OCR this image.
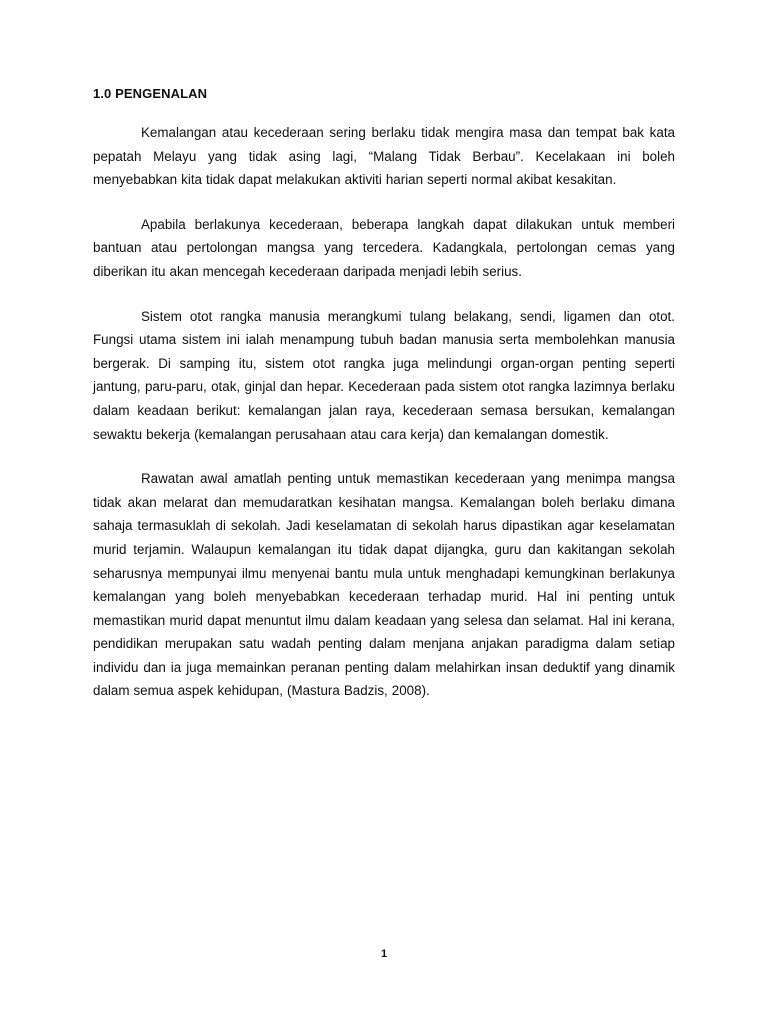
1.0 PENGENALAN

Kemalangan atau kecederaan sering berlaku tidak mengira masa dan tempat bak kata pepatah Melayu yang tidak asing lagi, “Malang Tidak Berbau”. Kecelakaan ini boleh menyebabkan kita tidak dapat melakukan aktiviti harian seperti normal akibat kesakitan.

Apabila berlakunya kecederaan, beberapa langkah dapat dilakukan untuk memberi bantuan atau pertolongan mangsa yang tercedera. Kadangkala, pertolongan cemas yang diberikan itu akan mencegah kecederaan daripada menjadi lebih serius.

Sistem otot rangka manusia merangkumi tulang belakang, sendi, ligamen dan otot. Fungsi utama sistem ini ialah menampung tubuh badan manusia serta membolehkan manusia bergerak. Di samping itu, sistem otot rangka juga melindungi organ-organ penting seperti jantung, paru-paru, otak, ginjal dan hepar. Kecederaan pada sistem otot rangka lazimnya berlaku dalam keadaan berikut: kemalangan jalan raya, kecederaan semasa bersukan, kemalangan sewaktu bekerja (kemalangan perusahaan atau cara kerja) dan kemalangan domestik.

Rawatan awal amatlah penting untuk memastikan kecederaan yang menimpa mangsa tidak akan melarat dan memudaratkan kesihatan mangsa. Kemalangan boleh berlaku dimana sahaja termasuklah di sekolah. Jadi keselamatan di sekolah harus dipastikan agar keselamatan murid terjamin. Walaupun kemalangan itu tidak dapat dijangka, guru dan kakitangan sekolah seharusnya mempunyai ilmu menyenai bantu mula untuk menghadapi kemungkinan berlakunya kemalangan yang boleh menyebabkan kecederaan terhadap murid. Hal ini penting untuk memastikan murid dapat menuntut ilmu dalam keadaan yang selesa dan selamat. Hal ini kerana, pendidikan merupakan satu wadah penting dalam menjana anjakan paradigma dalam setiap individu dan ia juga memainkan peranan penting dalam melahirkan insan deduktif yang dinamik dalam semua aspek kehidupan, (Mastura Badzis, 2008).

1
